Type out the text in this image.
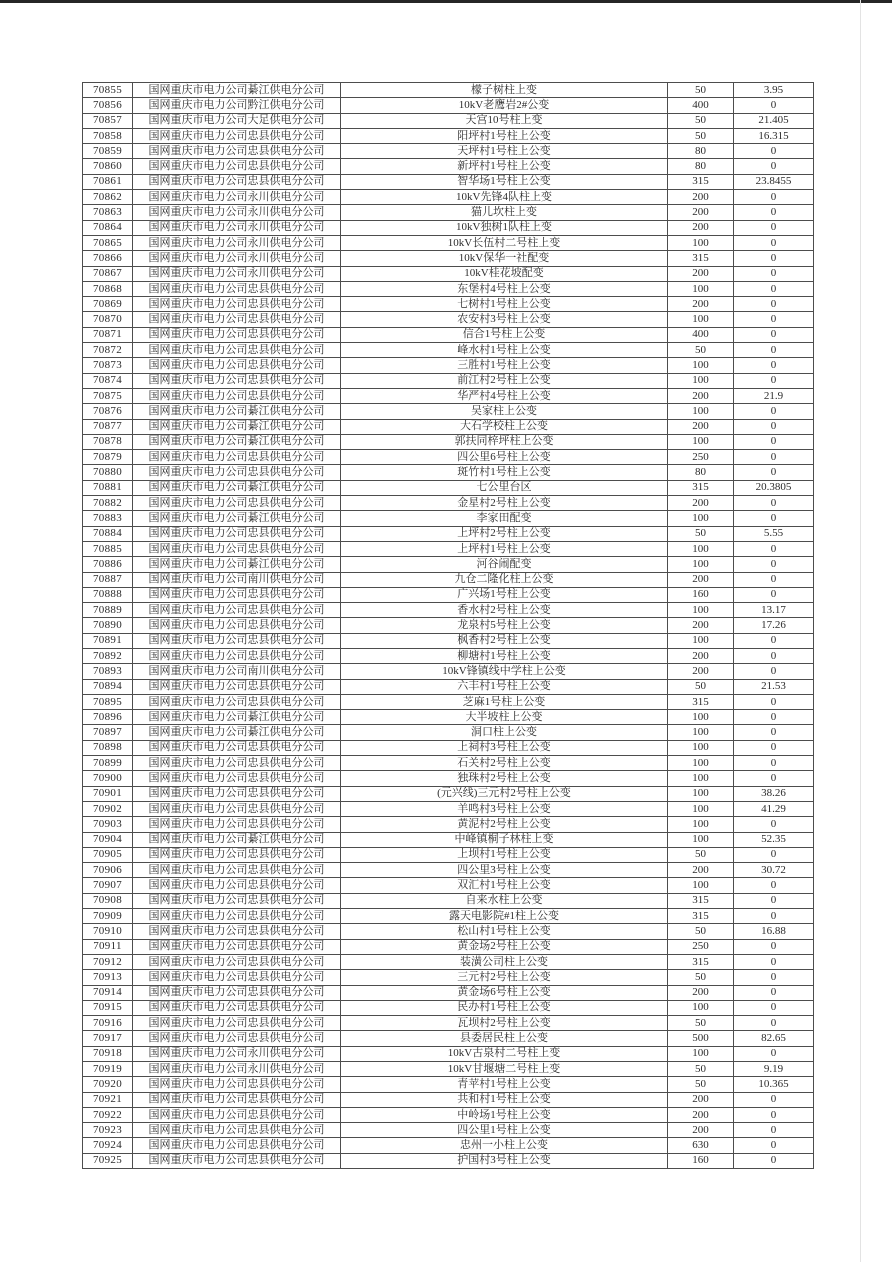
70855	国网重庆市电力公司綦江供电分公司	檬子树柱上变	50	3.95
70856	国网重庆市电力公司黔江供电分公司	10kV老鹰岩2#公变	400	0
70857	国网重庆市电力公司大足供电分公司	天宫10号柱上变	50	21.405
70858	国网重庆市电力公司忠县供电分公司	阳坪村1号柱上公变	50	16.315
70859	国网重庆市电力公司忠县供电分公司	天坪村1号柱上公变	80	0
70860	国网重庆市电力公司忠县供电分公司	新坪村1号柱上公变	80	0
70861	国网重庆市电力公司忠县供电分公司	智华场1号柱上公变	315	23.8455
70862	国网重庆市电力公司永川供电分公司	10kV先锋4队柱上变	200	0
70863	国网重庆市电力公司永川供电分公司	猫儿坎柱上变	200	0
70864	国网重庆市电力公司永川供电分公司	10kV独树1队柱上变	200	0
70865	国网重庆市电力公司永川供电分公司	10kV长伍村二号柱上变	100	0
70866	国网重庆市电力公司永川供电分公司	10kV保华一社配变	315	0
70867	国网重庆市电力公司永川供电分公司	10kV桂花坡配变	200	0
70868	国网重庆市电力公司忠县供电分公司	东堡村4号柱上公变	100	0
70869	国网重庆市电力公司忠县供电分公司	七树村1号柱上公变	200	0
70870	国网重庆市电力公司忠县供电分公司	农安村3号柱上公变	100	0
70871	国网重庆市电力公司忠县供电分公司	信合1号柱上公变	400	0
70872	国网重庆市电力公司忠县供电分公司	峰水村1号柱上公变	50	0
70873	国网重庆市电力公司忠县供电分公司	三胜村1号柱上公变	100	0
70874	国网重庆市电力公司忠县供电分公司	前江村2号柱上公变	100	0
70875	国网重庆市电力公司忠县供电分公司	华严村4号柱上公变	200	21.9
70876	国网重庆市电力公司綦江供电分公司	吴家柱上公变	100	0
70877	国网重庆市电力公司綦江供电分公司	大石学校柱上公变	200	0
70878	国网重庆市电力公司綦江供电分公司	郭扶同梓坪柱上公变	100	0
70879	国网重庆市电力公司忠县供电分公司	四公里6号柱上公变	250	0
70880	国网重庆市电力公司忠县供电分公司	斑竹村1号柱上公变	80	0
70881	国网重庆市电力公司綦江供电分公司	七公里台区	315	20.3805
70882	国网重庆市电力公司忠县供电分公司	金星村2号柱上公变	200	0
70883	国网重庆市电力公司綦江供电分公司	李家田配变	100	0
70884	国网重庆市电力公司忠县供电分公司	上坪村2号柱上公变	50	5.55
70885	国网重庆市电力公司忠县供电分公司	上坪村1号柱上公变	100	0
70886	国网重庆市电力公司綦江供电分公司	河谷闹配变	100	0
70887	国网重庆市电力公司南川供电分公司	九仓二隆化柱上公变	200	0
70888	国网重庆市电力公司忠县供电分公司	广兴场1号柱上公变	160	0
70889	国网重庆市电力公司忠县供电分公司	香水村2号柱上公变	100	13.17
70890	国网重庆市电力公司忠县供电分公司	龙泉村5号柱上公变	200	17.26
70891	国网重庆市电力公司忠县供电分公司	枫香村2号柱上公变	100	0
70892	国网重庆市电力公司忠县供电分公司	柳塘村1号柱上公变	200	0
70893	国网重庆市电力公司南川供电分公司	10kV锋镇线中学柱上公变	200	0
70894	国网重庆市电力公司忠县供电分公司	六丰村1号柱上公变	50	21.53
70895	国网重庆市电力公司忠县供电分公司	芝麻1号柱上公变	315	0
70896	国网重庆市电力公司綦江供电分公司	大半坡柱上公变	100	0
70897	国网重庆市电力公司綦江供电分公司	洞口柱上公变	100	0
70898	国网重庆市电力公司忠县供电分公司	上祠村3号柱上公变	100	0
70899	国网重庆市电力公司忠县供电分公司	石关村2号柱上公变	100	0
70900	国网重庆市电力公司忠县供电分公司	独珠村2号柱上公变	100	0
70901	国网重庆市电力公司忠县供电分公司	(元兴线)三元村2号柱上公变	100	38.26
70902	国网重庆市电力公司忠县供电分公司	羊鸣村3号柱上公变	100	41.29
70903	国网重庆市电力公司忠县供电分公司	黄泥村2号柱上公变	100	0
70904	国网重庆市电力公司綦江供电分公司	中峰镇桐子林柱上变	100	52.35
70905	国网重庆市电力公司忠县供电分公司	上坝村1号柱上公变	50	0
70906	国网重庆市电力公司忠县供电分公司	四公里3号柱上公变	200	30.72
70907	国网重庆市电力公司忠县供电分公司	双汇村1号柱上公变	100	0
70908	国网重庆市电力公司忠县供电分公司	自来水柱上公变	315	0
70909	国网重庆市电力公司忠县供电分公司	露天电影院#1柱上公变	315	0
70910	国网重庆市电力公司忠县供电分公司	松山村1号柱上公变	50	16.88
70911	国网重庆市电力公司忠县供电分公司	黄金场2号柱上公变	250	0
70912	国网重庆市电力公司忠县供电分公司	装潢公司柱上公变	315	0
70913	国网重庆市电力公司忠县供电分公司	三元村2号柱上公变	50	0
70914	国网重庆市电力公司忠县供电分公司	黄金场6号柱上公变	200	0
70915	国网重庆市电力公司忠县供电分公司	民办村1号柱上公变	100	0
70916	国网重庆市电力公司忠县供电分公司	瓦坝村2号柱上公变	50	0
70917	国网重庆市电力公司忠县供电分公司	县委居民柱上公变	500	82.65
70918	国网重庆市电力公司永川供电分公司	10kV古泉村二号柱上变	100	0
70919	国网重庆市电力公司永川供电分公司	10kV甘堰塘二号柱上变	50	9.19
70920	国网重庆市电力公司忠县供电分公司	青苹村1号柱上公变	50	10.365
70921	国网重庆市电力公司忠县供电分公司	共和村1号柱上公变	200	0
70922	国网重庆市电力公司忠县供电分公司	中岭场1号柱上公变	200	0
70923	国网重庆市电力公司忠县供电分公司	四公里1号柱上公变	200	0
70924	国网重庆市电力公司忠县供电分公司	忠州一小柱上公变	630	0
70925	国网重庆市电力公司忠县供电分公司	护国村3号柱上公变	160	0
